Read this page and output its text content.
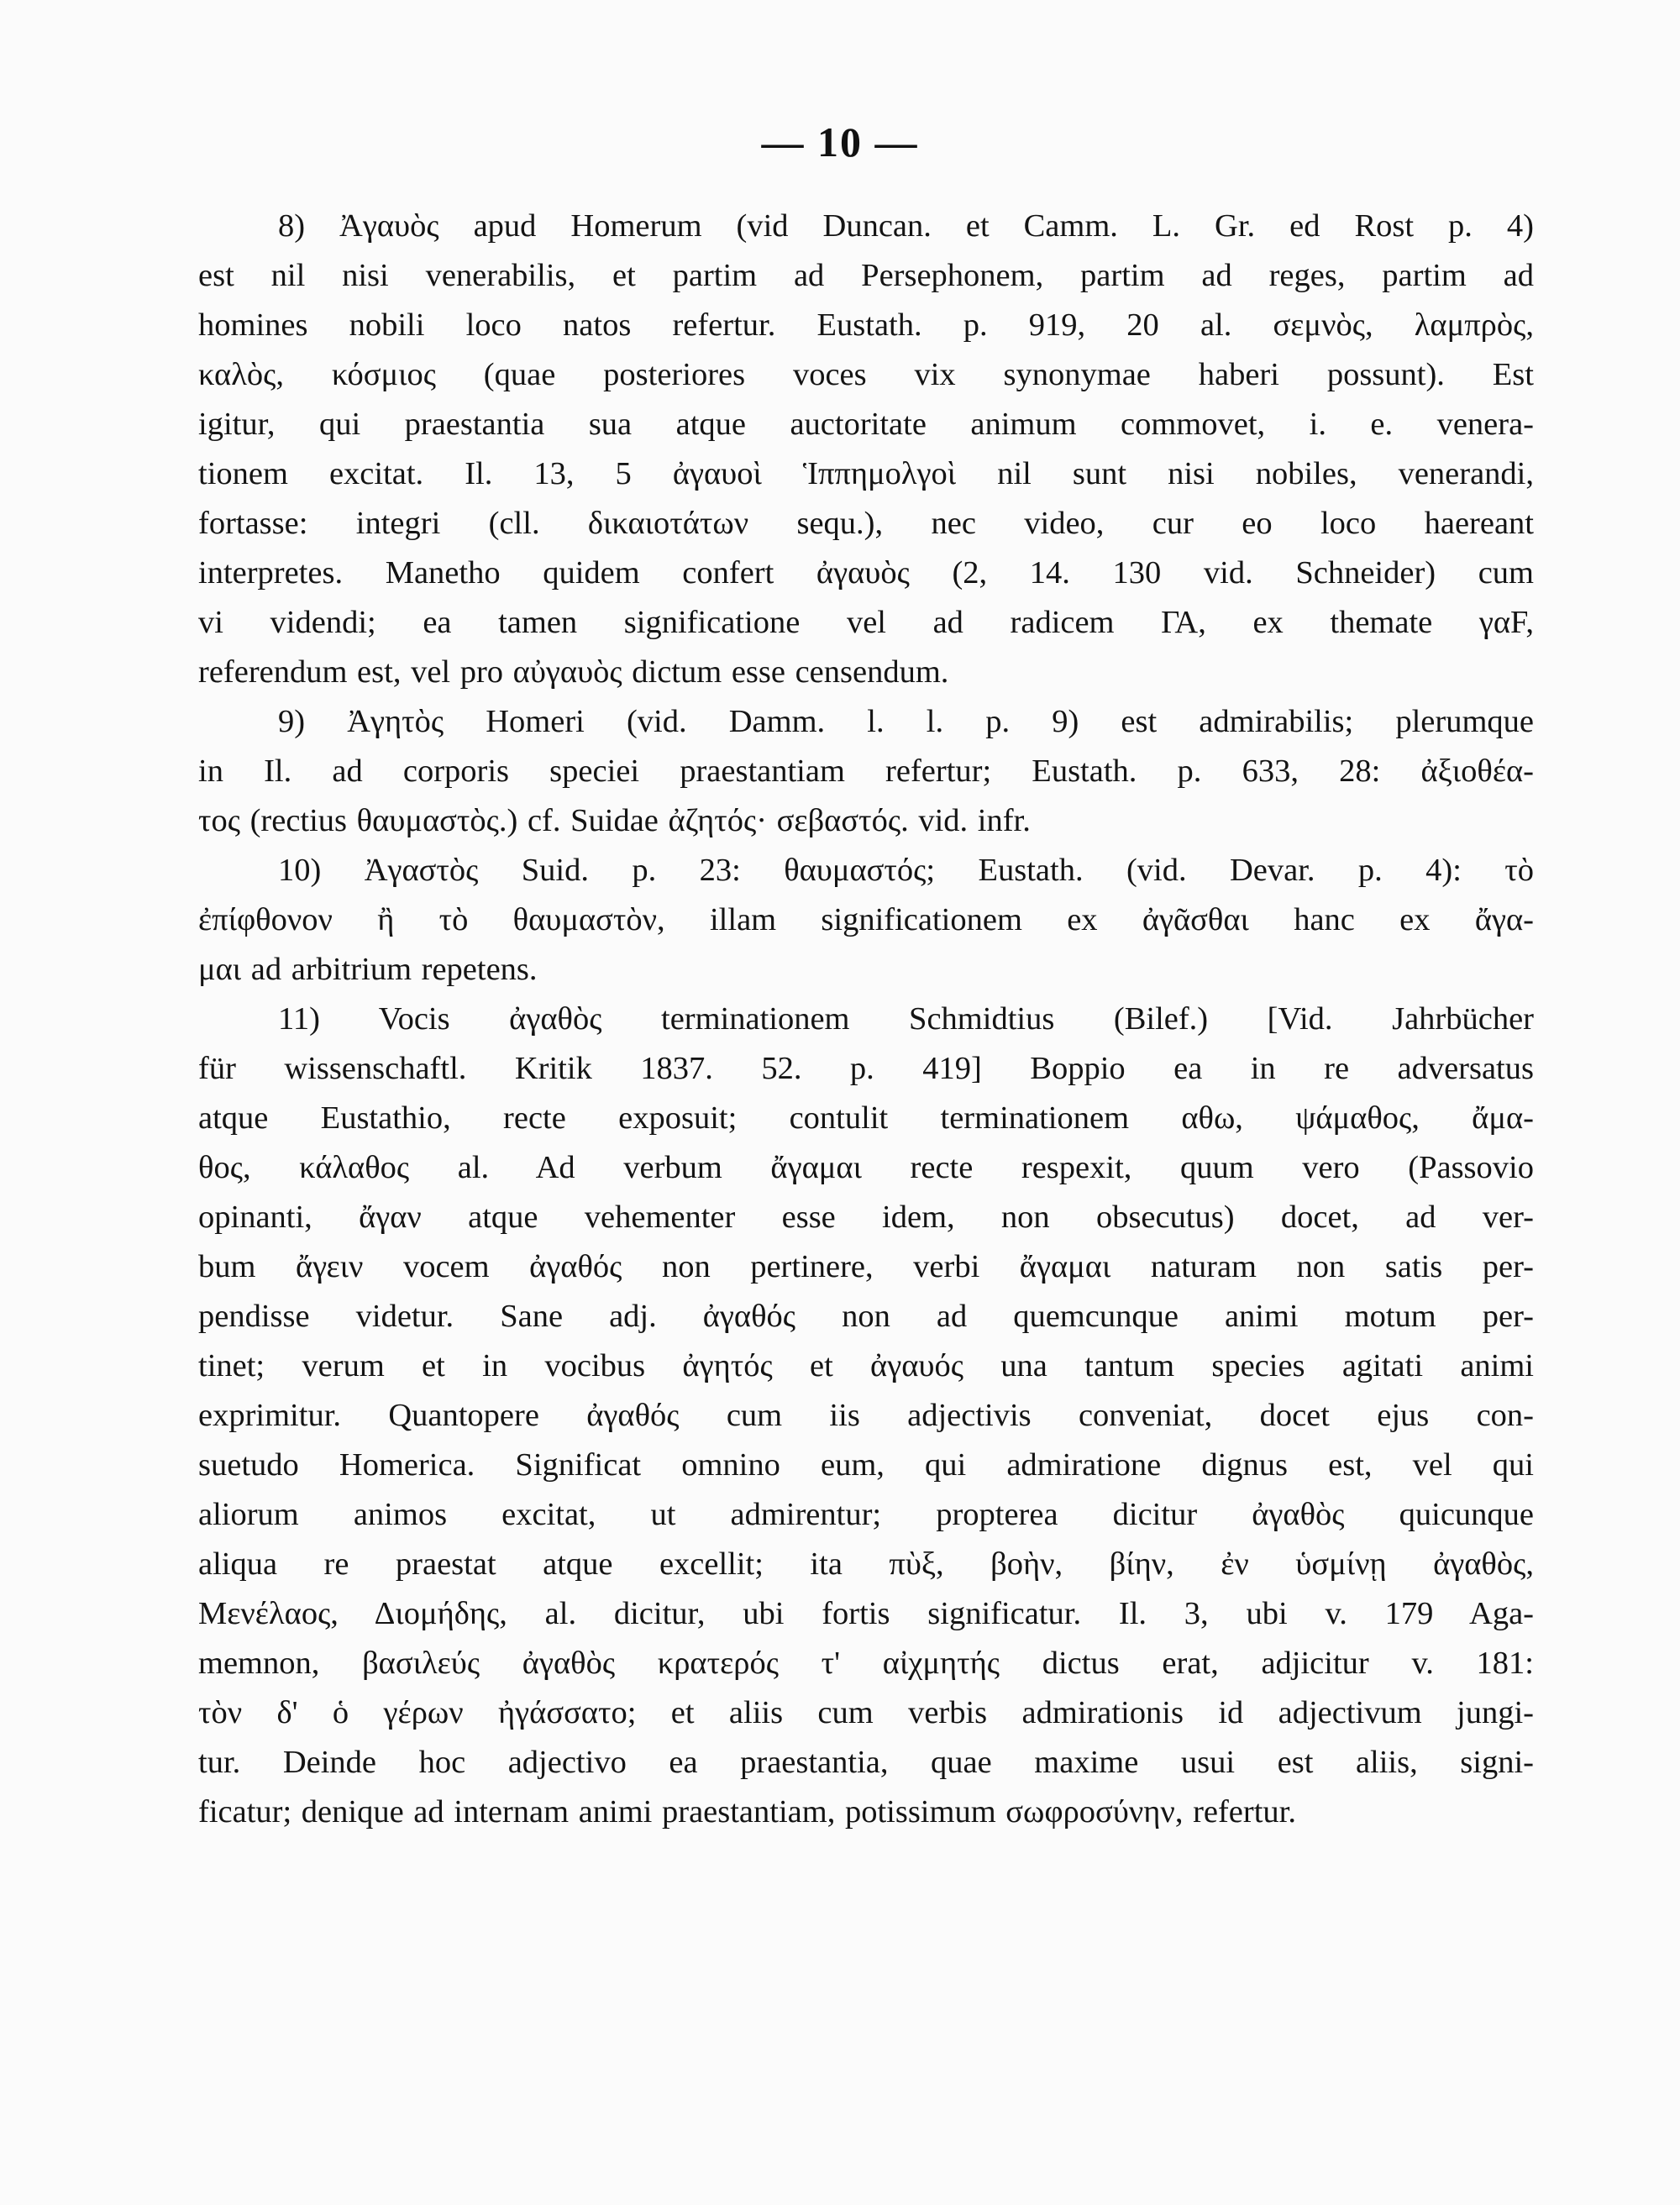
— 10 —
8) Ἀγαυὸς apud Homerum (vid Duncan. et Camm. L. Gr. ed Rost p. 4)
est nil nisi venerabilis, et partim ad Persephonem, partim ad reges, partim ad
homines nobili loco natos refertur. Eustath. p. 919, 20 al. σεμνὸς, λαμπρὸς,
καλὸς, κόσμιος (quae posteriores voces vix synonymae haberi possunt). Est
igitur, qui praestantia sua atque auctoritate animum commovet, i. e. venera-
tionem excitat. Il. 13, 5 ἀγαυοὶ Ἱππημολγοὶ nil sunt nisi nobiles, venerandi,
fortasse: integri (cll. δικαιοτάτων sequ.), nec video, cur eo loco haereant
interpretes. Manetho quidem confert ἀγαυὸς (2, 14. 130 vid. Schneider) cum
vi videndi; ea tamen significatione vel ad radicem ΓΑ, ex themate γαF,
referendum est, vel pro αὐγαυὸς dictum esse censendum.
9) Ἀγητὸς Homeri (vid. Damm. l. l. p. 9) est admirabilis; plerumque
in Il. ad corporis speciei praestantiam refertur; Eustath. p. 633, 28: ἀξιοθέα-
τος (rectius θαυμαστὸς.) cf. Suidae ἀζητός· σεβαστός. vid. infr.
10) Ἀγαστὸς Suid. p. 23: θαυμαστός; Eustath. (vid. Devar. p. 4): τὸ
ἐπίφθονον ἢ τὸ θαυμαστὸν, illam significationem ex ἀγᾶσθαι hanc ex ἄγα-
μαι ad arbitrium repetens.
11) Vocis ἀγαθὸς terminationem Schmidtius (Bilef.) [Vid. Jahrbücher
für wissenschaftl. Kritik 1837. 52. p. 419] Boppio ea in re adversatus
atque Eustathio, recte exposuit; contulit terminationem αθω, ψάμαθος, ἄμα-
θος, κάλαθος al. Ad verbum ἄγαμαι recte respexit, quum vero (Passovio
opinanti, ἄγαν atque vehementer esse idem, non obsecutus) docet, ad ver-
bum ἄγειν vocem ἀγαθός non pertinere, verbi ἄγαμαι naturam non satis per-
pendisse videtur. Sane adj. ἀγαθός non ad quemcunque animi motum per-
tinet; verum et in vocibus ἀγητός et ἀγαυός una tantum species agitati animi
exprimitur. Quantopere ἀγαθός cum iis adjectivis conveniat, docet ejus con-
suetudo Homerica. Significat omnino eum, qui admiratione dignus est, vel qui
aliorum animos excitat, ut admirentur; propterea dicitur ἀγαθὸς quicunque
aliqua re praestat atque excellit; ita πὺξ, βοὴν, βίην, ἐν ὑσμίνῃ ἀγαθὸς,
Μενέλαος, Διομήδης, al. dicitur, ubi fortis significatur. Il. 3, ubi v. 179 Aga-
memnon, βασιλεύς ἀγαθὸς κρατερός τ' αἰχμητής dictus erat, adjicitur v. 181:
τὸν δ' ὁ γέρων ἠγάσσατο; et aliis cum verbis admirationis id adjectivum jungi-
tur. Deinde hoc adjectivo ea praestantia, quae maxime usui est aliis, signi-
ficatur; denique ad internam animi praestantiam, potissimum σωφροσύνην, refertur.
